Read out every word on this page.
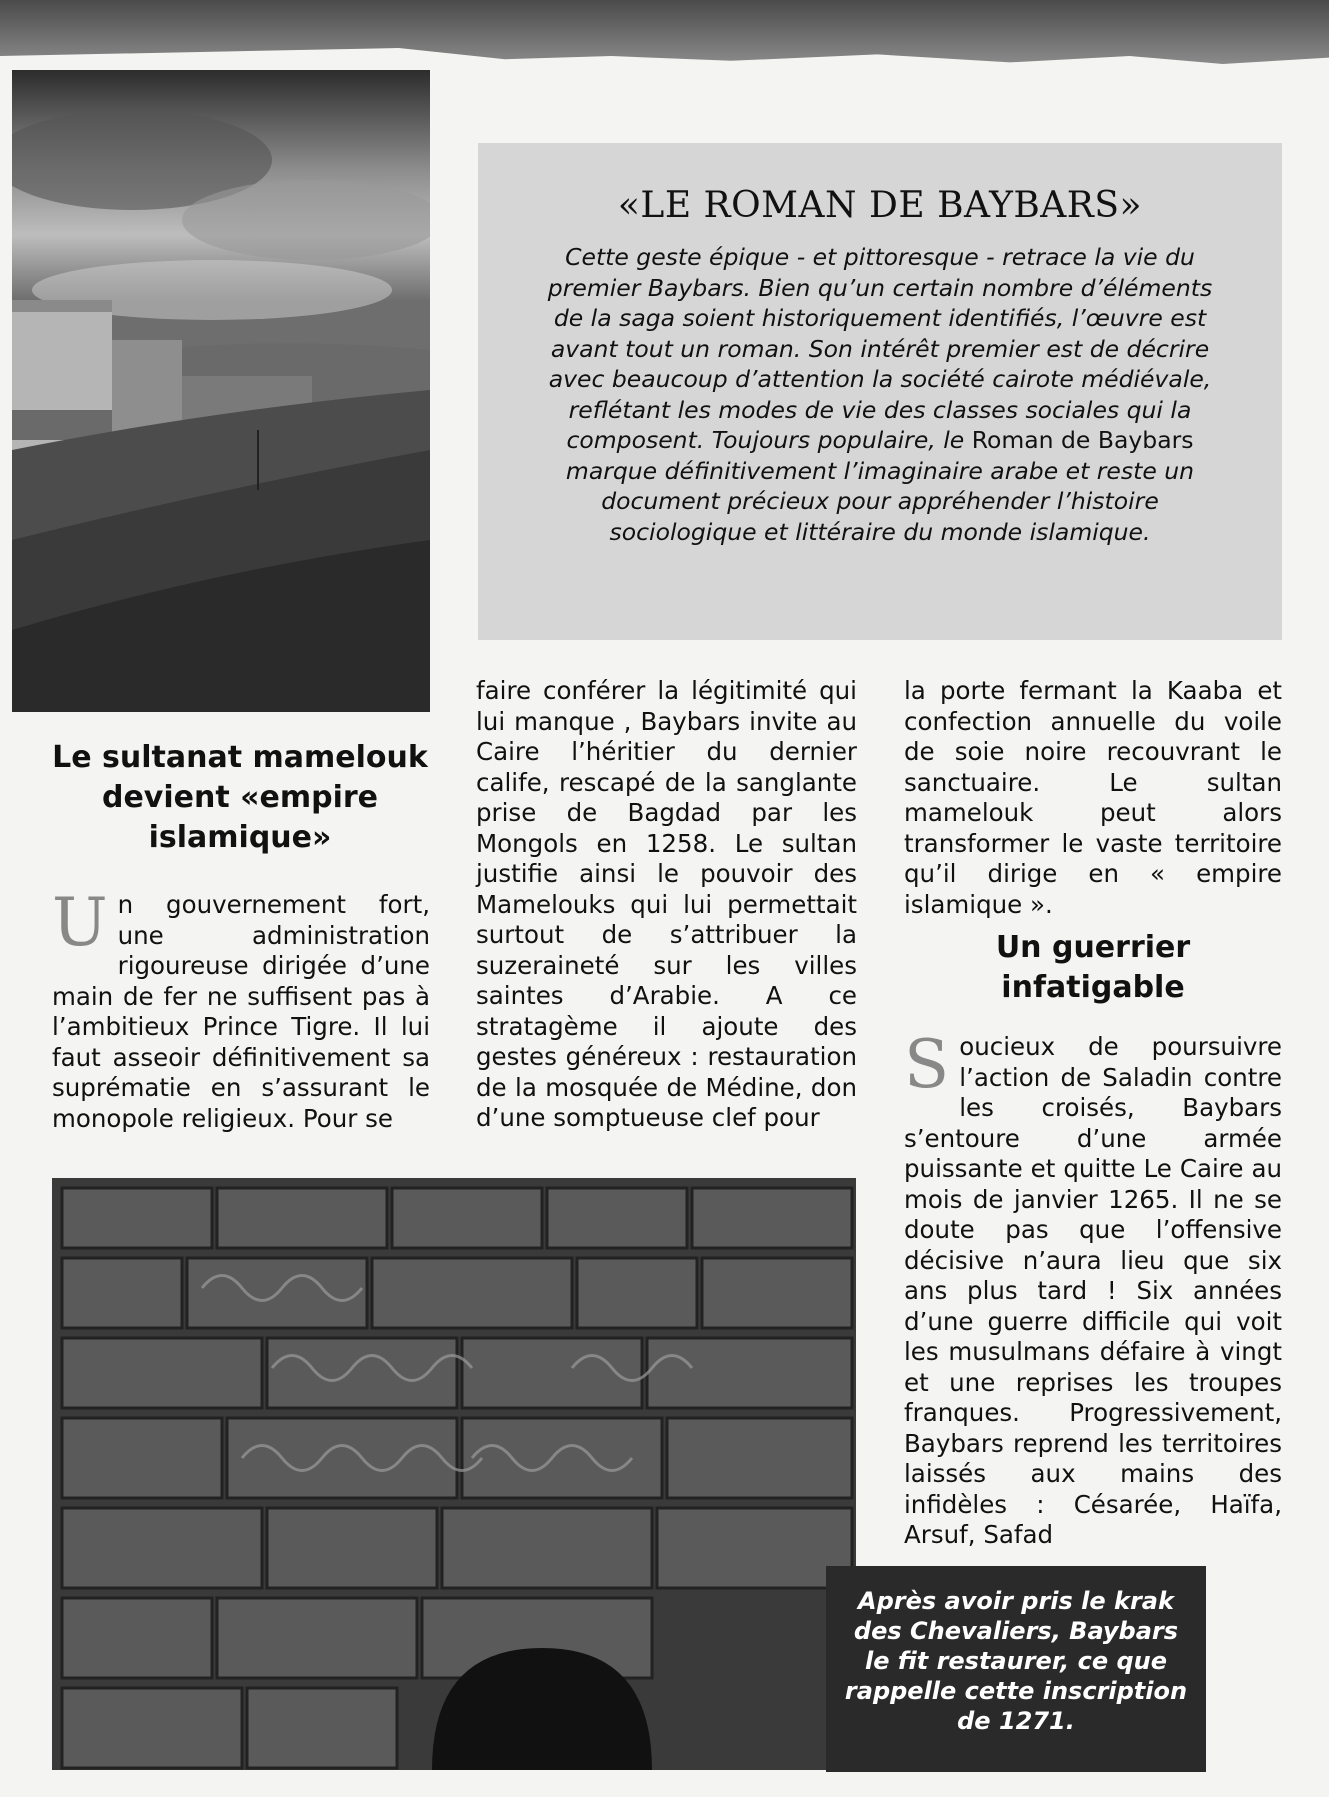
«LE ROMAN DE BAYBARS»

Cette geste épique - et pittoresque - retrace la vie du premier Baybars. Bien qu’un certain nombre d’éléments de la saga soient historiquement identifiés, l’œuvre est avant tout un roman. Son intérêt premier est de décrire avec beaucoup d’attention la société cairote médiévale, reflétant les modes de vie des classes sociales qui la composent. Toujours populaire, le Roman de Baybars marque définitivement l’imaginaire arabe et reste un document précieux pour appréhender l’histoire sociologique et littéraire du monde islamique.

Le sultanat mamelouk devient «empire islamique»

Un gouvernement fort, une administration rigoureuse dirigée d’une main de fer ne suffisent pas à l’ambitieux Prince Tigre. Il lui faut asseoir définitivement sa suprématie en s’assurant le monopole religieux. Pour se

faire conférer la légitimité qui lui manque , Baybars invite au Caire l’héritier du dernier calife, rescapé de la sanglante prise de Bagdad par les Mongols en 1258. Le sultan justifie ainsi le pouvoir des Mamelouks qui lui permettait surtout de s’attribuer la suzeraineté sur les villes saintes d’Arabie. A ce stratagème il ajoute des gestes généreux : restauration de la mosquée de Médine, don d’une somptueuse clef pour

la porte fermant la Kaaba et confection annuelle du voile de soie noire recouvrant le sanctuaire. Le sultan mamelouk peut alors transformer le vaste territoire qu’il dirige en « empire islamique ».

Un guerrier infatigable

Soucieux de poursuivre l’action de Saladin contre les croisés, Baybars s’entoure d’une armée puissante et quitte Le Caire au mois de janvier 1265. Il ne se doute pas que l’offensive décisive n’aura lieu que six ans plus tard ! Six années d’une guerre difficile qui voit les musulmans défaire à vingt et une reprises les troupes franques. Progressivement, Baybars reprend les territoires laissés aux mains des infidèles : Césarée, Haïfa, Arsuf, Safad

Après avoir pris le krak des Chevaliers, Baybars le fit restaurer, ce que rappelle cette inscription de 1271.
